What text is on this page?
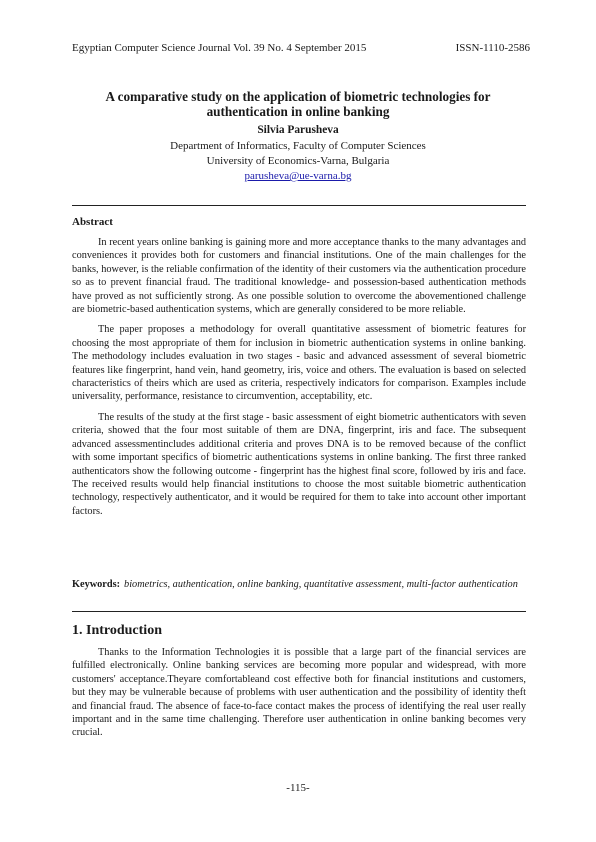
Egyptian Computer Science Journal Vol. 39 No. 4 September 2015	ISSN-1110-2586
A comparative study on the application of biometric technologies for
authentication in online banking
Silvia Parusheva
Department of Informatics, Faculty of Computer Sciences
University of Economics-Varna, Bulgaria
parusheva@ue-varna.bg
Abstract

In recent years online banking is gaining more and more acceptance thanks to the many advantages and conveniences it provides both for customers and financial institutions. One of the main challenges for the banks, however, is the reliable confirmation of the identity of their customers via the authentication procedure so as to prevent financial fraud. The traditional knowledge- and possession-based authentication methods have proved as not sufficiently strong. As one possible solution to overcome the abovementioned challenge are biometric-based authentication systems, which are generally considered to be more reliable.

The paper proposes a methodology for overall quantitative assessment of biometric features for choosing the most appropriate of them for inclusion in biometric authentication systems in online banking. The methodology includes evaluation in two stages - basic and advanced assessment of several biometric features like fingerprint, hand vein, hand geometry, iris, voice and others. The evaluation is based on selected characteristics of theirs which are used as criteria, respectively indicators for comparison. Examples include universality, performance, resistance to circumvention, acceptability, etc.

The results of the study at the first stage - basic assessment of eight biometric authenticators with seven criteria, showed that the four most suitable of them are DNA, fingerprint, iris and face. The subsequent advanced assessmentincludes additional criteria and proves DNA is to be removed because of the conflict with some important specifics of biometric authentications systems in online banking. The first three ranked authenticators show the following outcome - fingerprint has the highest final score, followed by iris and face. The received results would help financial institutions to choose the most suitable biometric authentication technology, respectively authenticator, and it would be required for them to take into account other important factors.

Keywords: biometrics, authentication, online banking, quantitative assessment, multi-factor authentication
1. Introduction

Thanks to the Information Technologies it is possible that a large part of the financial services are fulfilled electronically. Online banking services are becoming more popular and widespread, with more customers' acceptance.Theyare comfortableand cost effective both for financial institutions and customers, but they may be vulnerable because of problems with user authentication and the possibility of identity theft and financial fraud. The absence of face-to-face contact makes the process of identifying the real user really important and in the same time challenging. Therefore user authentication in online banking becomes very crucial.

-115-
